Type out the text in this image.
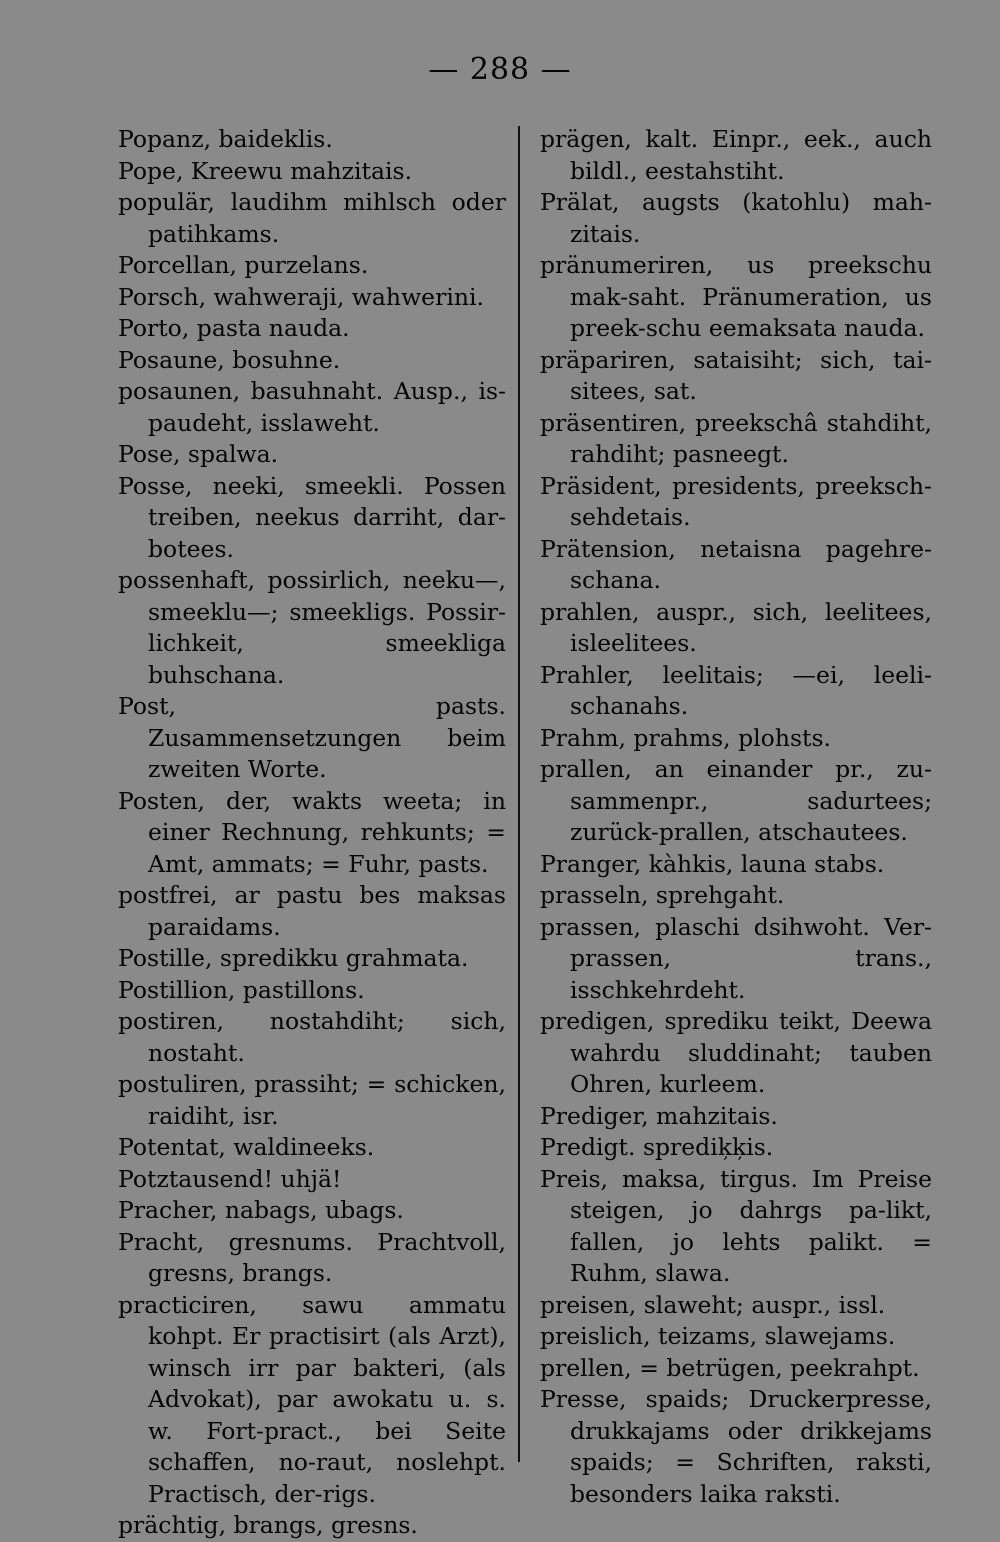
— 288 —

Popanz, baideklis.

Pope, Kreewu mahzitais.

populär, laudihm mihlsch oder patihkams.

Porcellan, purzelans.

Porsch, wahweraji, wahwerini.

Porto, pasta nauda.

Posaune, bosuhne.

posaunen, basuhnaht. Ausp., is-paudeht, isslaweht.

Pose, spalwa.

Posse, neeki, smeekli. Possen treiben, neekus darriht, dar-botees.

possenhaft, possirlich, neeku—, smeeklu—; smeekligs. Possir-lichkeit, smeekliga buhschana.

Post, pasts. Zusammensetzungen beim zweiten Worte.

Posten, der, wakts weeta; in einer Rechnung, rehkunts; = Amt, ammats; = Fuhr, pasts.

postfrei, ar pastu bes maksas paraidams.

Postille, spredikku grahmata.

Postillion, pastillons.

postiren, nostahdiht; sich, nostaht.

postuliren, prassiht; = schicken, raidiht, isr.

Potentat, waldineeks.

Potztausend! uhjä!

Pracher, nabags, ubags.

Pracht, gresnums. Prachtvoll, gresns, brangs.

practiciren, sawu ammatu kohpt. Er practisirt (als Arzt), winsch irr par bakteri, (als Advokat), par awokatu u. s. w. Fort-pract., bei Seite schaffen, no-raut, noslehpt. Practisch, der-rigs.

prächtig, brangs, gresns.

prägen, kalt. Einpr., eek., auch bildl., eestahstiht.

Prälat, augsts (katohlu) mah-zitais.

pränumeriren, us preekschu mak-saht. Pränumeration, us preek-schu eemaksata nauda.

präpariren, sataisiht; sich, tai-sitees, sat.

präsentiren, preekschâ stahdiht, rahdiht; pasneegt.

Präsident, presidents, preeksch-sehdetais.

Prätension, netaisna pagehre-schana.

prahlen, auspr., sich, leelitees, isleelitees.

Prahler, leelitais; —ei, leeli-schanahs.

Prahm, prahms, plohsts.

prallen, an einander pr., zu-sammenpr., sadurtees; zurück-prallen, atschautees.

Pranger, kàhkis, launa stabs.

prasseln, sprehgaht.

prassen, plaschi dsihwoht. Ver-prassen, trans., isschkehrdeht.

predigen, sprediku teikt, Deewa wahrdu sluddinaht; tauben Ohren, kurleem.

Prediger, mahzitais.

Predigt. sprediķķis.

Preis, maksa, tirgus. Im Preise steigen, jo dahrgs pa-likt, fallen, jo lehts palikt. = Ruhm, slawa.

preisen, slaweht; auspr., issl.

preislich, teizams, slawejams.

prellen, = betrügen, peekrahpt.

Presse, spaids; Druckerpresse, drukkajams oder drikkejams spaids; = Schriften, raksti, besonders laika raksti.
